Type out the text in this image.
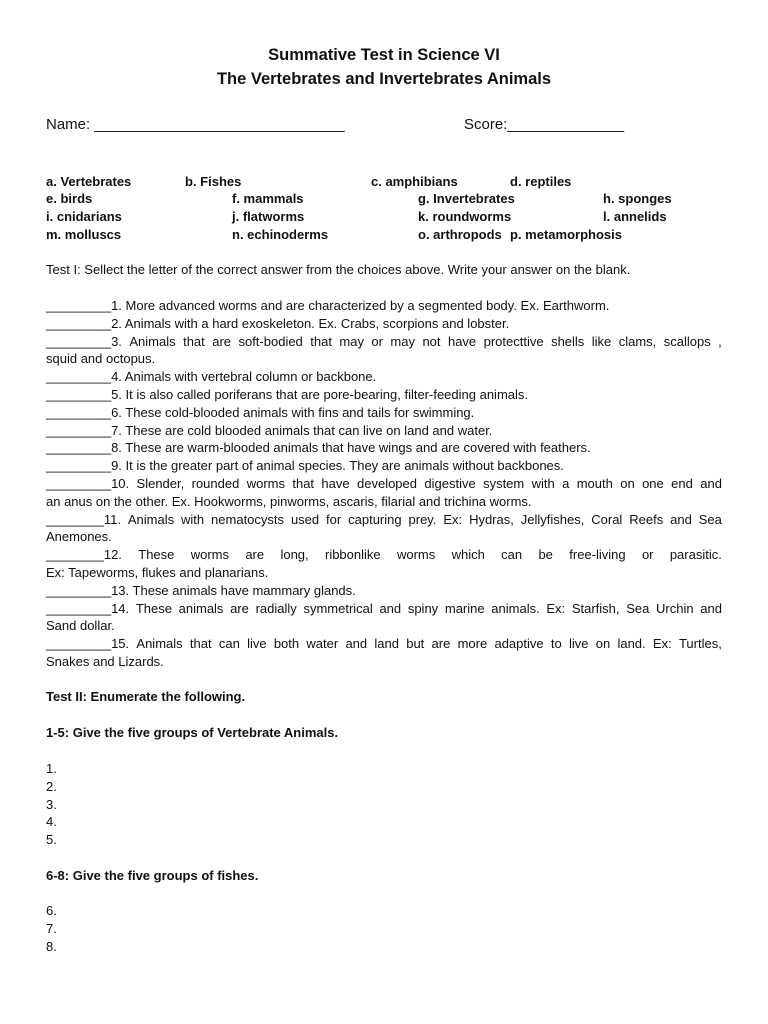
Summative Test in Science VI
The Vertebrates and Invertebrates Animals
Name: ______________________________	Score:______________
a. Vertebrates	b. Fishes	c. amphibians	d. reptiles
e. birds	f. mammals	g. Invertebrates	h. sponges
i. cnidarians	j. flatworms	k. roundworms	l. annelids
m. molluscs	n. echinoderms	o. arthropods p. metamorphosis
Test I: Sellect the letter of the correct answer from the choices above. Write your answer on the blank.
_________1. More advanced worms and are characterized by a segmented body. Ex. Earthworm.
_________2. Animals with a hard exoskeleton. Ex. Crabs, scorpions and lobster.
_________3. Animals that are soft-bodied that may or may not have protecttive shells like clams, scallops ,
squid and octopus.
_________4. Animals with vertebral column or backbone.
_________5. It is also called poriferans that are pore-bearing, filter-feeding animals.
_________6. These cold-blooded animals with fins and tails for swimming.
_________7. These are cold blooded animals that can live on land and water.
_________8. These are warm-blooded animals that have wings and are covered with feathers.
_________9. It is the greater part of animal species. They are animals without backbones.
_________10. Slender, rounded worms that have developed digestive system with a mouth on one end and
an anus on the other. Ex. Hookworms, pinworms, ascaris, filarial and trichina worms.
________11. Animals with nematocysts used for capturing prey. Ex: Hydras, Jellyfishes, Coral Reefs and Sea
Anemones.
________12. These worms are long, ribbonlike worms which can be free-living or parasitic.
Ex: Tapeworms, flukes and planarians.
_________13. These animals have mammary glands.
_________14. These animals are radially symmetrical and spiny marine animals. Ex: Starfish, Sea Urchin and
Sand dollar.
_________15. Animals that can live both water and land but are more adaptive to live on land. Ex: Turtles,
Snakes and Lizards.
Test II: Enumerate the following.
1-5: Give the five groups of Vertebrate Animals.
1.
2.
3.
4.
5.
6-8: Give the five groups of fishes.
6.
7.
8.
